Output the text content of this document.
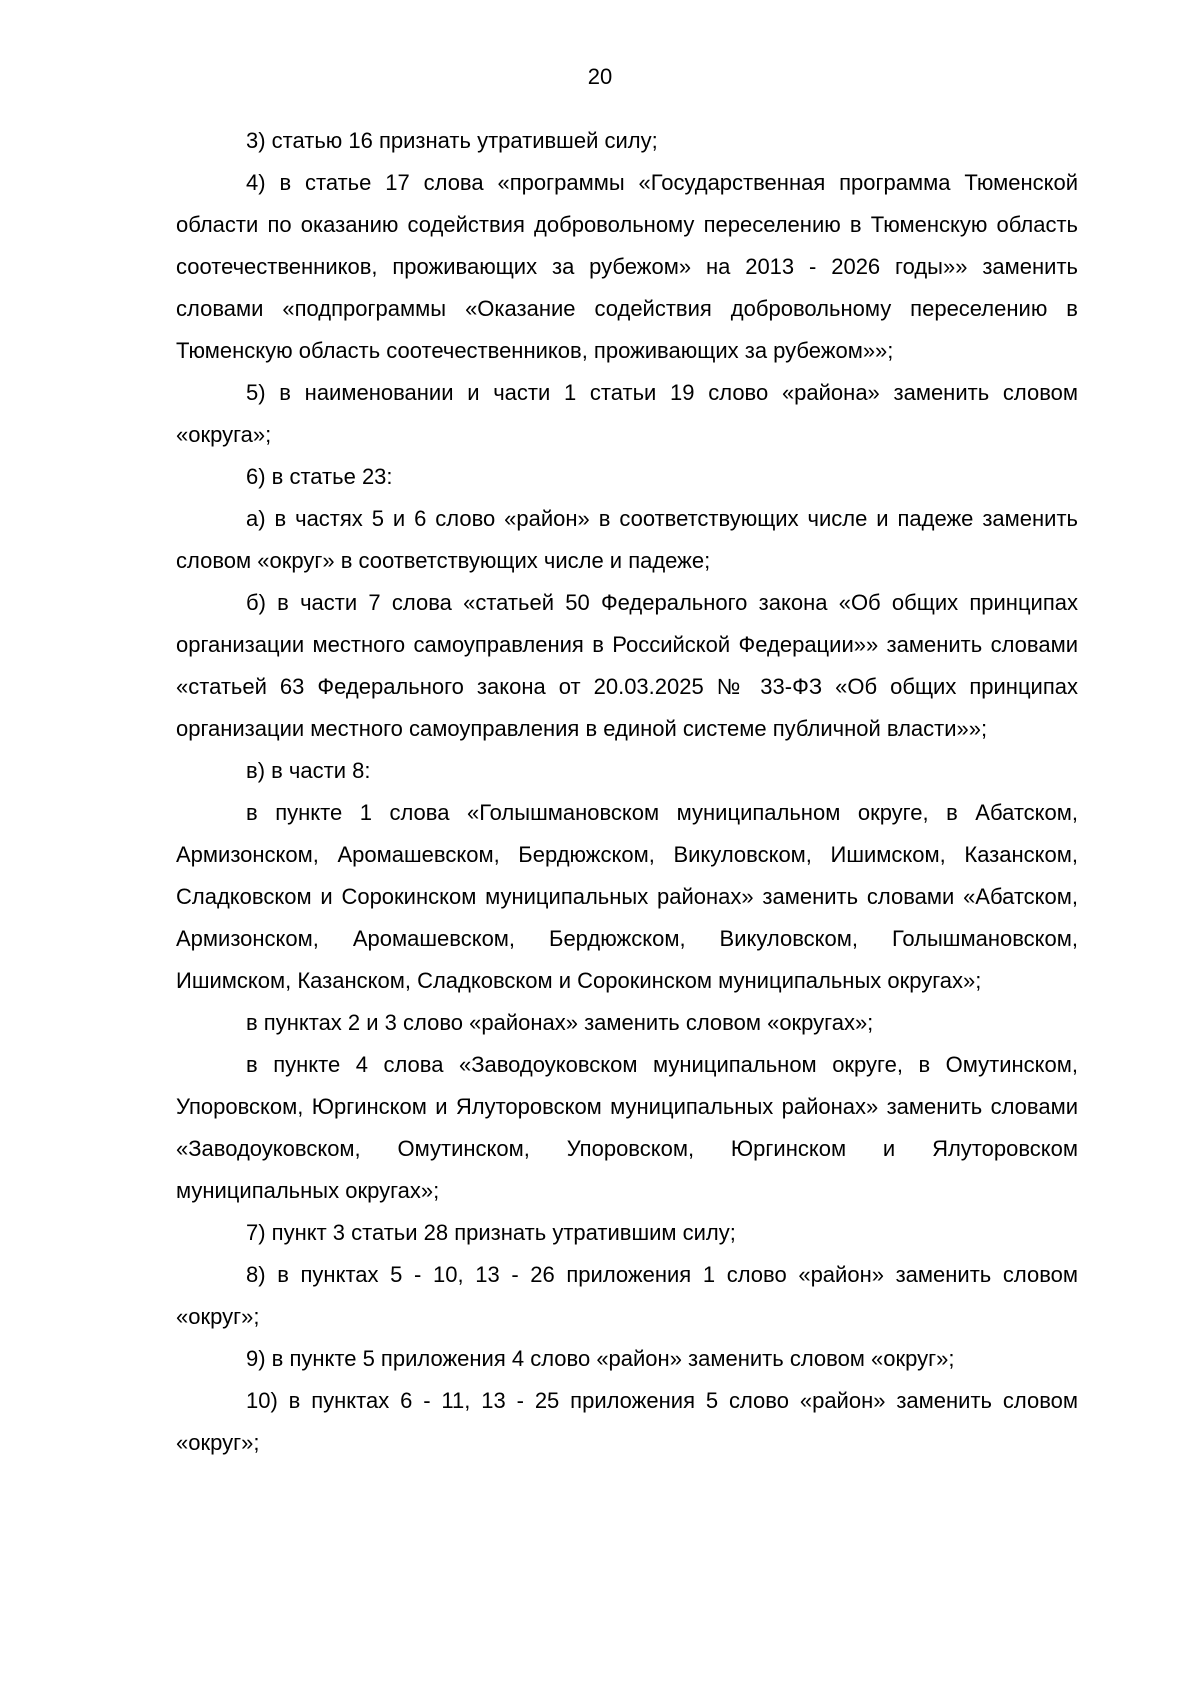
20

3) статью 16 признать утратившей силу;

4) в статье 17 слова «программы «Государственная программа Тюменской области по оказанию содействия добровольному переселению в Тюменскую область соотечественников, проживающих за рубежом» на 2013 - 2026 годы»» заменить словами «подпрограммы «Оказание содействия добровольному переселению в Тюменскую область соотечественников, проживающих за рубежом»»;

5) в наименовании и части 1 статьи 19 слово «района» заменить словом «округа»;

6) в статье 23:

а) в частях 5 и 6 слово «район» в соответствующих числе и падеже заменить словом «округ» в соответствующих числе и падеже;

б) в части 7 слова «статьей 50 Федерального закона «Об общих принципах организации местного самоуправления в Российской Федерации»» заменить словами «статьей 63 Федерального закона от 20.03.2025 № 33-ФЗ «Об общих принципах организации местного самоуправления в единой системе публичной власти»»;

в) в части 8:

в пункте 1 слова «Голышмановском муниципальном округе, в Абатском, Армизонском, Аромашевском, Бердюжском, Викуловском, Ишимском, Казанском, Сладковском и Сорокинском муниципальных районах» заменить словами «Абатском, Армизонском, Аромашевском, Бердюжском, Викуловском, Голышмановском, Ишимском, Казанском, Сладковском и Сорокинском муниципальных округах»;

в пунктах 2 и 3 слово «районах» заменить словом «округах»;

в пункте 4 слова «Заводоуковском муниципальном округе, в Омутинском, Упоровском, Юргинском и Ялуторовском муниципальных районах» заменить словами «Заводоуковском, Омутинском, Упоровском, Юргинском и Ялуторовском муниципальных округах»;

7) пункт 3 статьи 28 признать утратившим силу;

8) в пунктах 5 - 10, 13 - 26 приложения 1 слово «район» заменить словом «округ»;

9) в пункте 5 приложения 4 слово «район» заменить словом «округ»;

10) в пунктах 6 - 11, 13 - 25 приложения 5 слово «район» заменить словом «округ»;
